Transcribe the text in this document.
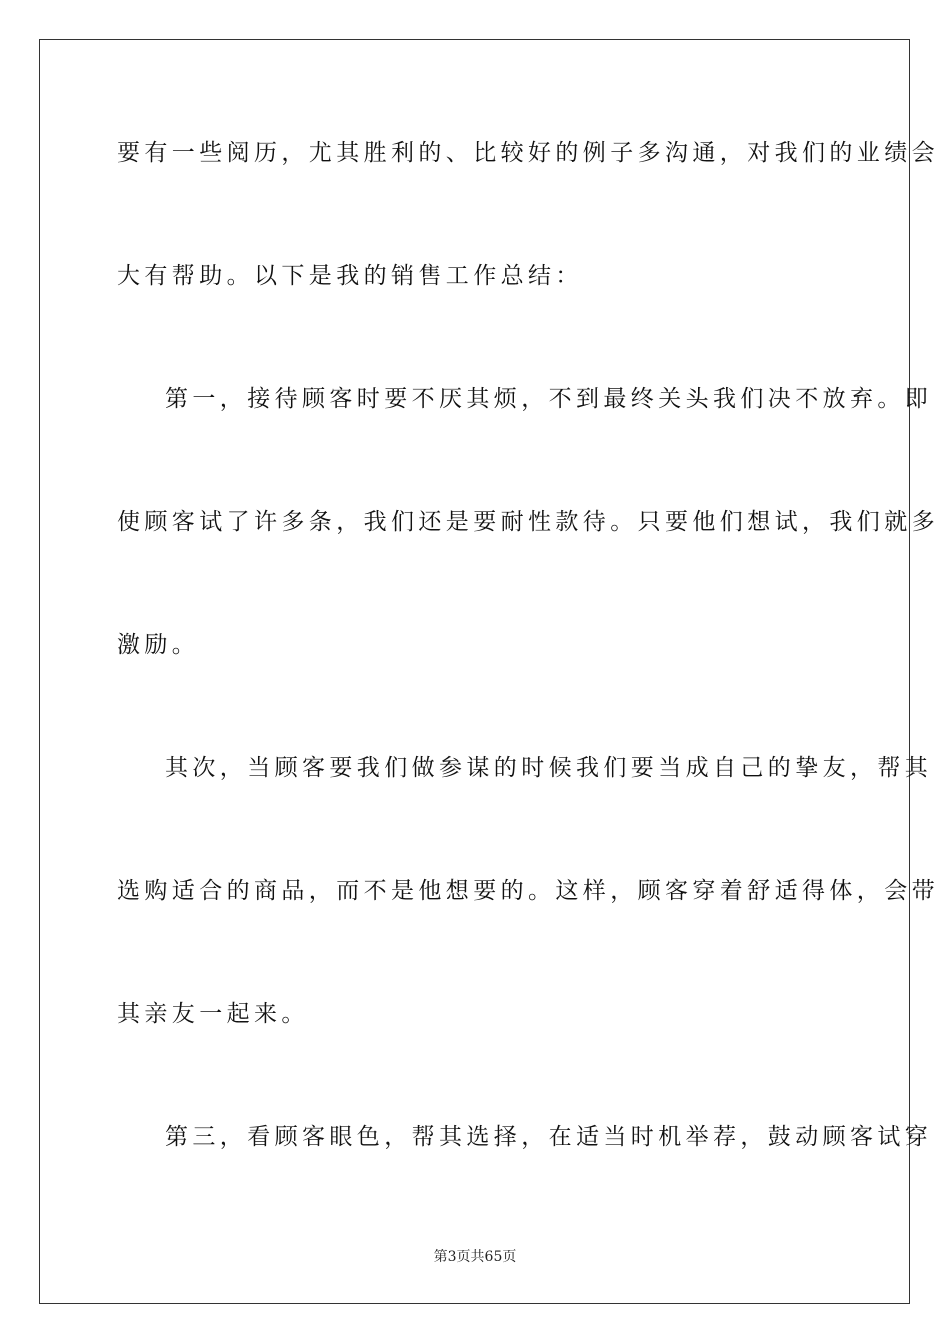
要有一些阅历，尤其胜利的、比较好的例子多沟通，对我们的业绩会
大有帮助。以下是我的销售工作总结：
第一，接待顾客时要不厌其烦，不到最终关头我们决不放弃。即
使顾客试了许多条，我们还是要耐性款待。只要他们想试，我们就多
激励。
其次，当顾客要我们做参谋的时候我们要当成自己的挚友，帮其
选购适合的商品，而不是他想要的。这样，顾客穿着舒适得体，会带
其亲友一起来。
第三，看顾客眼色，帮其选择，在适当时机举荐，鼓动顾客试穿
第3页共65页
